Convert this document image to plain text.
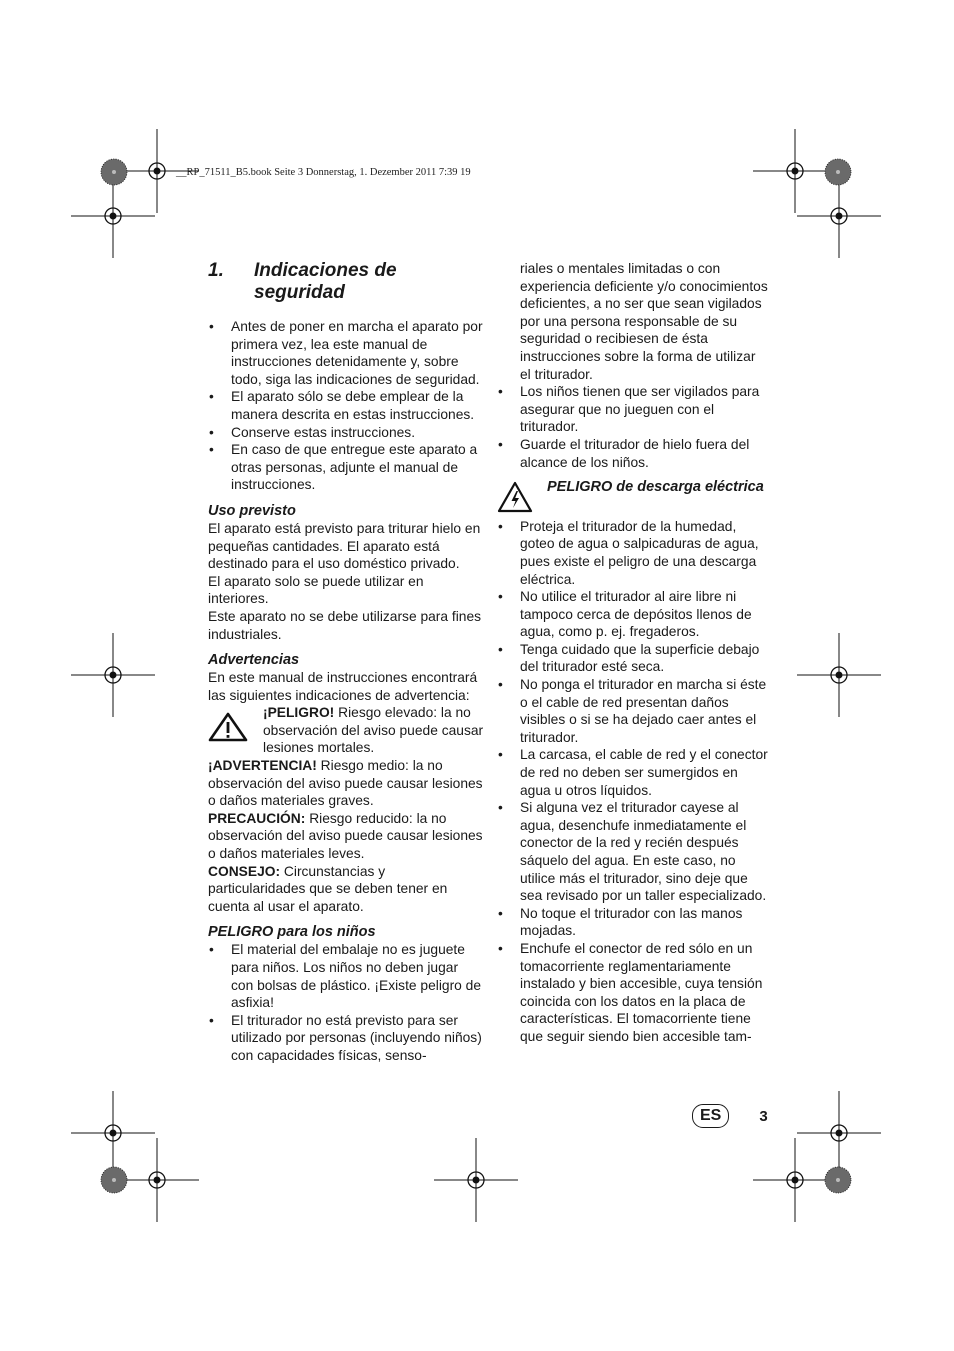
__RP_71511_B5.book Seite 3 Donnerstag, 1. Dezember 2011 7:39 19
1.	Indicaciones de seguridad
• Antes de poner en marcha el aparato por primera vez, lea este manual de instrucciones detenidamente y, sobre todo, siga las indicaciones de seguridad.
• El aparato sólo se debe emplear de la manera descrita en estas instrucciones.
• Conserve estas instrucciones.
• En caso de que entregue este aparato a otras personas, adjunte el manual de instrucciones.
Uso previsto

El aparato está previsto para triturar hielo en pequeñas cantidades. El aparato está destinado para el uso doméstico privado.

El aparato solo se puede utilizar en interiores.

Este aparato no se debe utilizarse para fines industriales.

Advertencias

En este manual de instrucciones encontrará las siguientes indicaciones de advertencia:

¡PELIGRO! Riesgo elevado: la no observación del aviso puede causar lesiones mortales.

¡ADVERTENCIA! Riesgo medio: la no observación del aviso puede causar lesiones o daños materiales graves.

PRECAUCIÓN: Riesgo reducido: la no observación del aviso puede causar lesiones o daños materiales leves.

CONSEJO: Circunstancias y particularidades que se deben tener en cuenta al usar el aparato.

PELIGRO para los niños
• El material del embalaje no es juguete para niños. Los niños no deben jugar con bolsas de plástico. ¡Existe peligro de asfixia!
• El triturador no está previsto para ser utilizado por personas (incluyendo niños) con capacidades físicas, senso-

riales o mentales limitadas o con experiencia deficiente y/o conocimientos deficientes, a no ser que sean vigilados por una persona responsable de su seguridad o recibiesen de ésta instrucciones sobre la forma de utilizar el triturador.

• Los niños tienen que ser vigilados para asegurar que no jueguen con el triturador.
• Guarde el triturador de hielo fuera del alcance de los niños.
PELIGRO de descarga eléctrica
• Proteja el triturador de la humedad, goteo de agua o salpicaduras de agua, pues existe el peligro de una descarga eléctrica.
• No utilice el triturador al aire libre ni tampoco cerca de depósitos llenos de agua, como p. ej. fregaderos.
• Tenga cuidado que la superficie debajo del triturador esté seca.
• No ponga el triturador en marcha si éste o el cable de red presentan daños visibles o si se ha dejado caer antes el triturador.
• La carcasa, el cable de red y el conector de red no deben ser sumergidos en agua u otros líquidos.
• Si alguna vez el triturador cayese al agua, desenchufe inmediatamente el conector de la red y recién después sáquelo del agua. En este caso, no utilice más el triturador, sino deje que sea revisado por un taller especializado.
• No toque el triturador con las manos mojadas.
• Enchufe el conector de red sólo en un tomacorriente reglamentariamente instalado y bien accesible, cuya tensión coincida con los datos en la placa de características. El tomacorriente tiene que seguir siendo bien accesible tam-
ES	3
